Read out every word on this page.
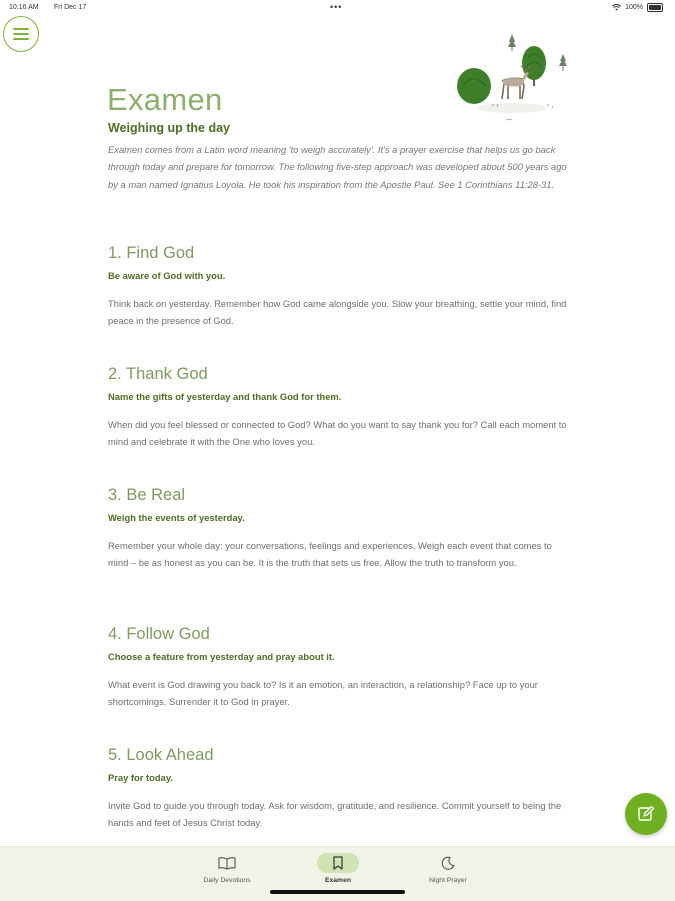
10:16 AM Fri Dec 17	•••	100%
Examen
Weighing up the day

Examen comes from a Latin word meaning 'to weigh accurately'. It's a prayer exercise that helps us go back through today and prepare for tomorrow. The following five-step approach was developed about 500 years ago by a man named Ignatius Loyola. He took his inspiration from the Apostle Paul. See 1 Corinthians 11:28-31.

1. Find God

Be aware of God with you.

Think back on yesterday. Remember how God came alongside you. Slow your breathing, settle your mind, find peace in the presence of God.

2. Thank God

Name the gifts of yesterday and thank God for them.

When did you feel blessed or connected to God? What do you want to say thank you for? Call each moment to mind and celebrate it with the One who loves you.

3. Be Real

Weigh the events of yesterday.

Remember your whole day: your conversations, feelings and experiences. Weigh each event that comes to mind – be as honest as you can be. It is the truth that sets us free. Allow the truth to transform you.

4. Follow God

Choose a feature from yesterday and pray about it.

What event is God drawing you back to? Is it an emotion, an interaction, a relationship? Face up to your shortcomings. Surrender it to God in prayer.

5. Look Ahead

Pray for today.

Invite God to guide you through today. Ask for wisdom, gratitude, and resilience. Commit yourself to being the hands and feet of Jesus Christ today.

Daily Devotions	Examen	Night Prayer
